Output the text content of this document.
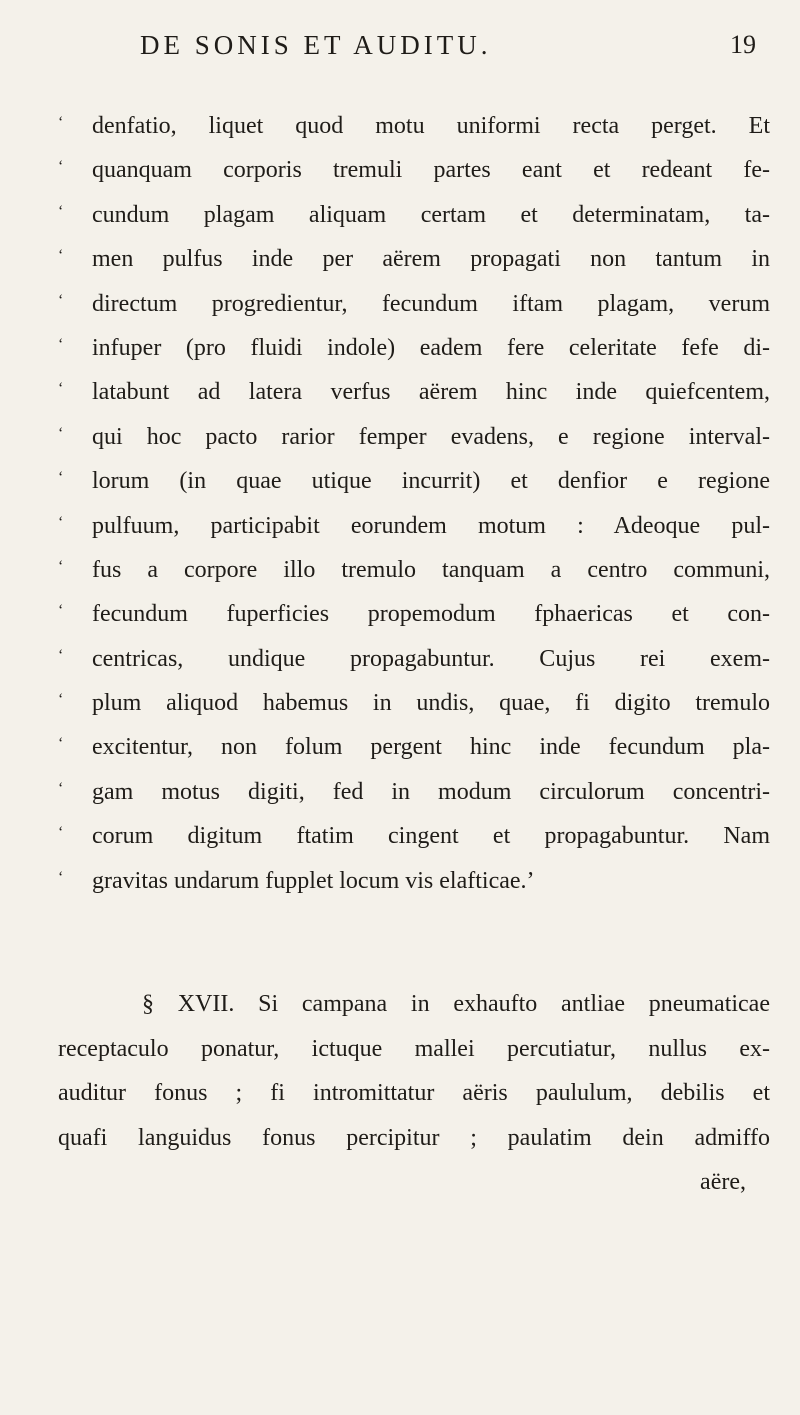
DE SONIS ET AUDITU.	19
‘	denfatio, liquet quod motu uniformi recta perget. Et
‘	quanquam corporis tremuli partes eant et redeant fe-
‘	cundum plagam aliquam certam et determinatam, ta-
‘	men pulfus inde per aërem propagati non tantum in
‘	directum progredientur, fecundum iftam plagam, verum
‘	infuper (pro fluidi indole) eadem fere celeritate fefe di-
‘	latabunt ad latera verfus aërem hinc inde quiefcentem,
‘	qui hoc pacto rarior femper evadens, e regione interval-
‘	lorum (in quae utique incurrit) et denfior e regione
‘	pulfuum, participabit eorundem motum : Adeoque pul-
‘	fus a corpore illo tremulo tanquam a centro communi,
‘	fecundum fuperficies propemodum fphaericas et con-
‘	centricas, undique propagabuntur. Cujus rei exem-
‘	plum aliquod habemus in undis, quae, fi digito tremulo
‘	excitentur, non folum pergent hinc inde fecundum pla-
‘	gam motus digiti, fed in modum circulorum concentri-
‘	corum digitum ftatim cingent et propagabuntur. Nam
‘	gravitas undarum fupplet locum vis elafticae.’
§ XVII. Si campana in exhaufto antliae pneumaticae
receptaculo ponatur, ictuque mallei percutiatur, nullus ex-
auditur fonus ; fi intromittatur aëris paululum, debilis et
quafi languidus fonus percipitur ; paulatim dein admiffo
aëre,
